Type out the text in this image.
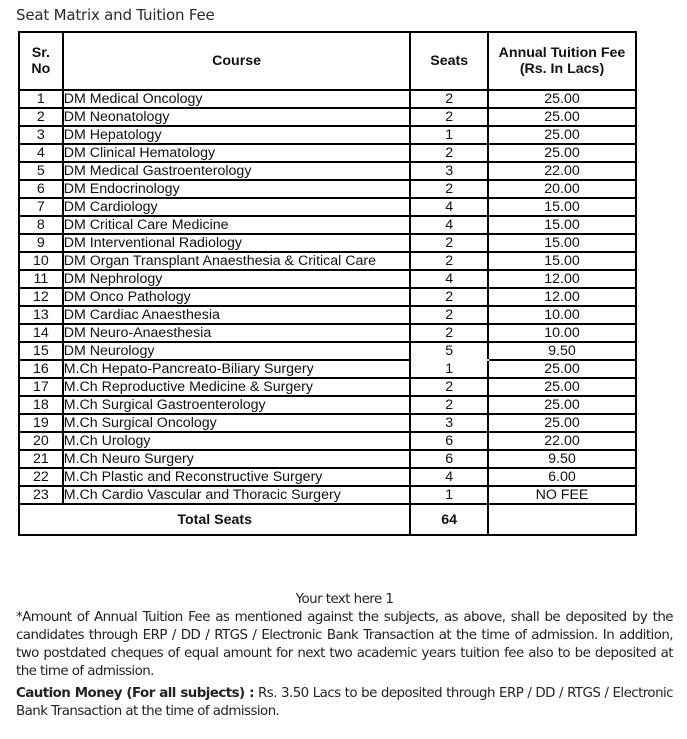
Seat Matrix and Tuition Fee
Sr.
No	Course	Seats	Annual Tuition Fee
(Rs. In Lacs)
1	DM Medical Oncology	2	25.00
2	DM Neonatology	2	25.00
3	DM Hepatology	1	25.00
4	DM Clinical Hematology	2	25.00
5	DM Medical Gastroenterology	3	22.00
6	DM Endocrinology	2	20.00
7	DM Cardiology	4	15.00
8	DM Critical Care Medicine	4	15.00
9	DM Interventional Radiology	2	15.00
10	DM Organ Transplant Anaesthesia & Critical Care	2	15.00
11	DM Nephrology	4	12.00
12	DM Onco Pathology	2	12.00
13	DM Cardiac Anaesthesia	2	10.00
14	DM Neuro-Anaesthesia	2	10.00
15	DM Neurology	5	9.50
16	M.Ch Hepato-Pancreato-Biliary Surgery	1	25.00
17	M.Ch Reproductive Medicine & Surgery	2	25.00
18	M.Ch Surgical Gastroenterology	2	25.00
19	M.Ch Surgical Oncology	3	25.00
20	M.Ch Urology	6	22.00
21	M.Ch Neuro Surgery	6	9.50
22	M.Ch Plastic and Reconstructive Surgery	4	6.00
23	M.Ch Cardio Vascular and Thoracic Surgery	1	NO FEE
Total Seats		64	
Your text here 1
*Amount of Annual Tuition Fee as mentioned against the subjects, as above, shall be deposited by the candidates through ERP / DD / RTGS / Electronic Bank Transaction at the time of admission. In addition, two postdated cheques of equal amount for next two academic years tuition fee also to be deposited at the time of admission.
Caution Money (For all subjects) : Rs. 3.50 Lacs to be deposited through ERP / DD / RTGS / Electronic Bank Transaction at the time of admission.
